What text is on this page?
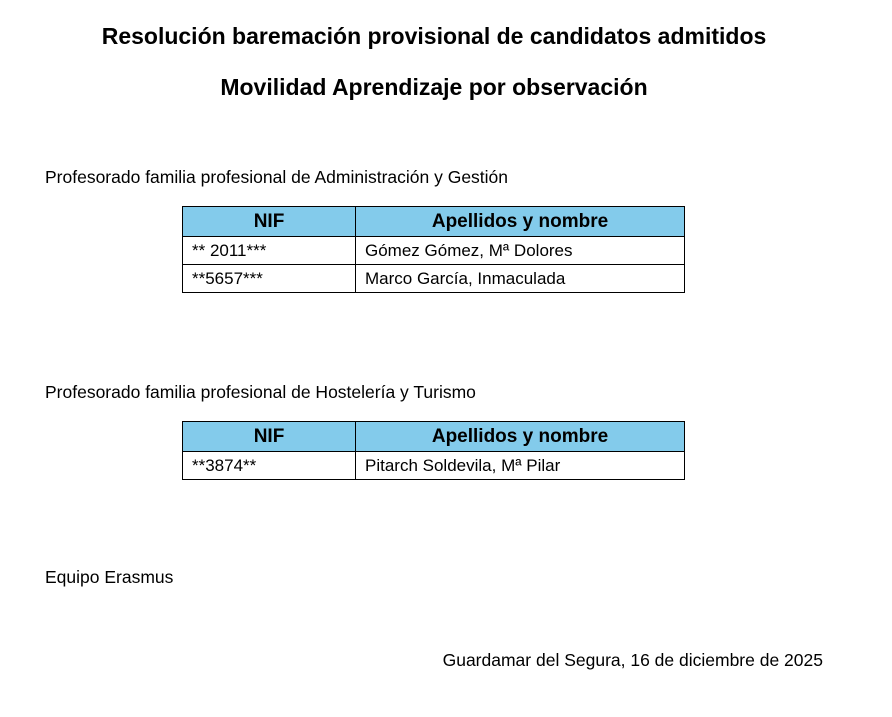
Resolución baremación provisional de candidatos admitidos
Movilidad Aprendizaje por observación
Profesorado familia profesional de Administración y Gestión
NIF	Apellidos y nombre
** 2011***	Gómez Gómez, Mª Dolores
**5657***	Marco García, Inmaculada
Profesorado familia profesional de Hostelería y Turismo
NIF	Apellidos y nombre
**3874**	Pitarch Soldevila, Mª Pilar
Equipo Erasmus
Guardamar del Segura, 16 de diciembre de 2025
